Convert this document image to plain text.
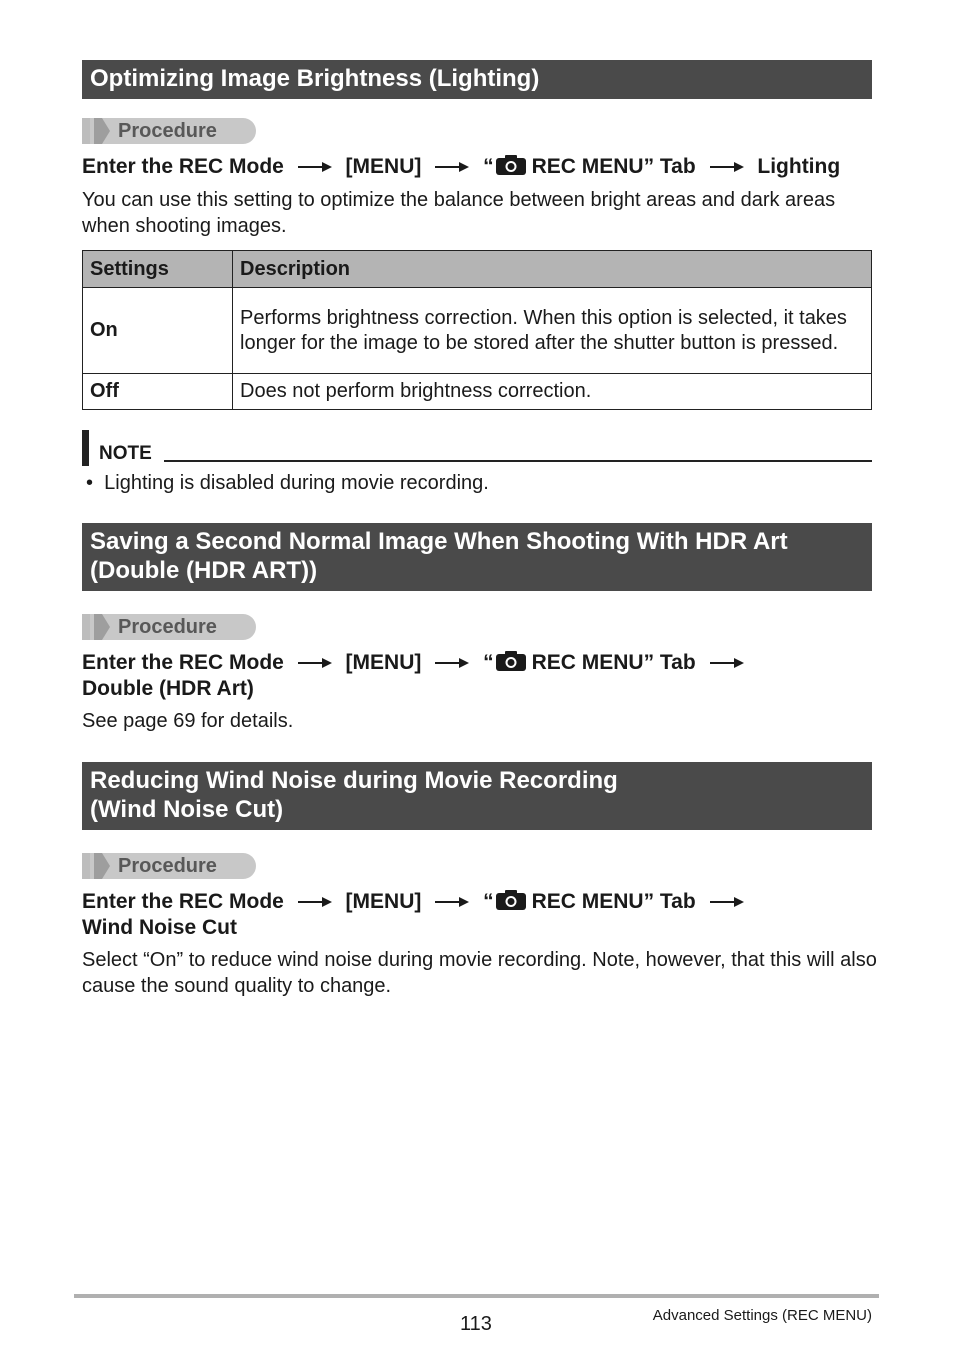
Optimizing Image Brightness (Lighting)
Procedure
Enter the REC Mode	[MENU]	“ REC MENU” Tab	Lighting
You can use this setting to optimize the balance between bright areas and dark areas when shooting images.
Settings	Description
On	Performs brightness correction. When this option is selected, it takes longer for the image to be stored after the shutter button is pressed.
Off	Does not perform brightness correction.
NOTE
• Lighting is disabled during movie recording.
Saving a Second Normal Image When Shooting With HDR Art
(Double (HDR ART))
Procedure
Enter the REC Mode	[MENU]	“ REC MENU” Tab
Double (HDR Art)
See page 69 for details.
Reducing Wind Noise during Movie Recording
(Wind Noise Cut)
Procedure
Enter the REC Mode	[MENU]	“ REC MENU” Tab
Wind Noise Cut
Select “On” to reduce wind noise during movie recording. Note, however, that this will also cause the sound quality to change.
113	Advanced Settings (REC MENU)
